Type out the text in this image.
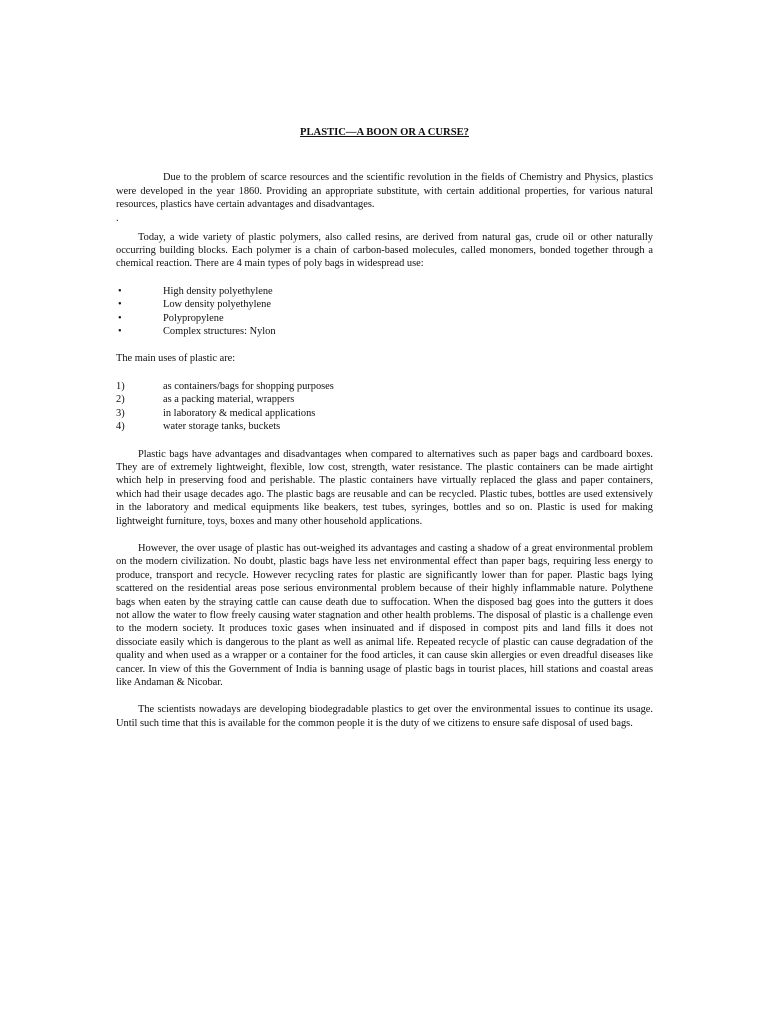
PLASTIC—A BOON OR A CURSE?

Due to the problem of scarce resources and the scientific revolution in the fields of Chemistry and Physics, plastics were developed in the year 1860. Providing an appropriate substitute, with certain additional properties, for various natural resources, plastics have certain advantages and disadvantages.

.

Today, a wide variety of plastic polymers, also called resins, are derived from natural gas, crude oil or other naturally occurring building blocks. Each polymer is a chain of carbon-based molecules, called monomers, bonded together through a chemical reaction. There are 4 main types of poly bags in widespread use:

•	High density polyethylene
•	Low density polyethylene
•	Polypropylene
•	Complex structures: Nylon

The main uses of plastic are:

1)	as containers/bags for shopping purposes
2)	as a packing material, wrappers
3)	in laboratory & medical applications
4)	water storage tanks, buckets

Plastic bags have advantages and disadvantages when compared to alternatives such as paper bags and cardboard boxes. They are of extremely lightweight, flexible, low cost, strength, water resistance. The plastic containers can be made airtight which help in preserving food and perishable. The plastic containers have virtually replaced the glass and paper containers, which had their usage decades ago. The plastic bags are reusable and can be recycled. Plastic tubes, bottles are used extensively in the laboratory and medical equipments like beakers, test tubes, syringes, bottles and so on. Plastic is used for making lightweight furniture, toys, boxes and many other household applications.

However, the over usage of plastic has out-weighed its advantages and casting a shadow of a great environmental problem on the modern civilization. No doubt, plastic bags have less net environmental effect than paper bags, requiring less energy to produce, transport and recycle. However recycling rates for plastic are significantly lower than for paper. Plastic bags lying scattered on the residential areas pose serious environmental problem because of their highly inflammable nature. Polythene bags when eaten by the straying cattle can cause death due to suffocation. When the disposed bag goes into the gutters it does not allow the water to flow freely causing water stagnation and other health problems. The disposal of plastic is a challenge even to the modern society. It produces toxic gases when insinuated and if disposed in compost pits and land fills it does not dissociate easily which is dangerous to the plant as well as animal life. Repeated recycle of plastic can cause degradation of the quality and when used as a wrapper or a container for the food articles, it can cause skin allergies or even dreadful diseases like cancer. In view of this the Government of India is banning usage of plastic bags in tourist places, hill stations and coastal areas like Andaman & Nicobar.

The scientists nowadays are developing biodegradable plastics to get over the environmental issues to continue its usage. Until such time that this is available for the common people it is the duty of we citizens to ensure safe disposal of used bags.
